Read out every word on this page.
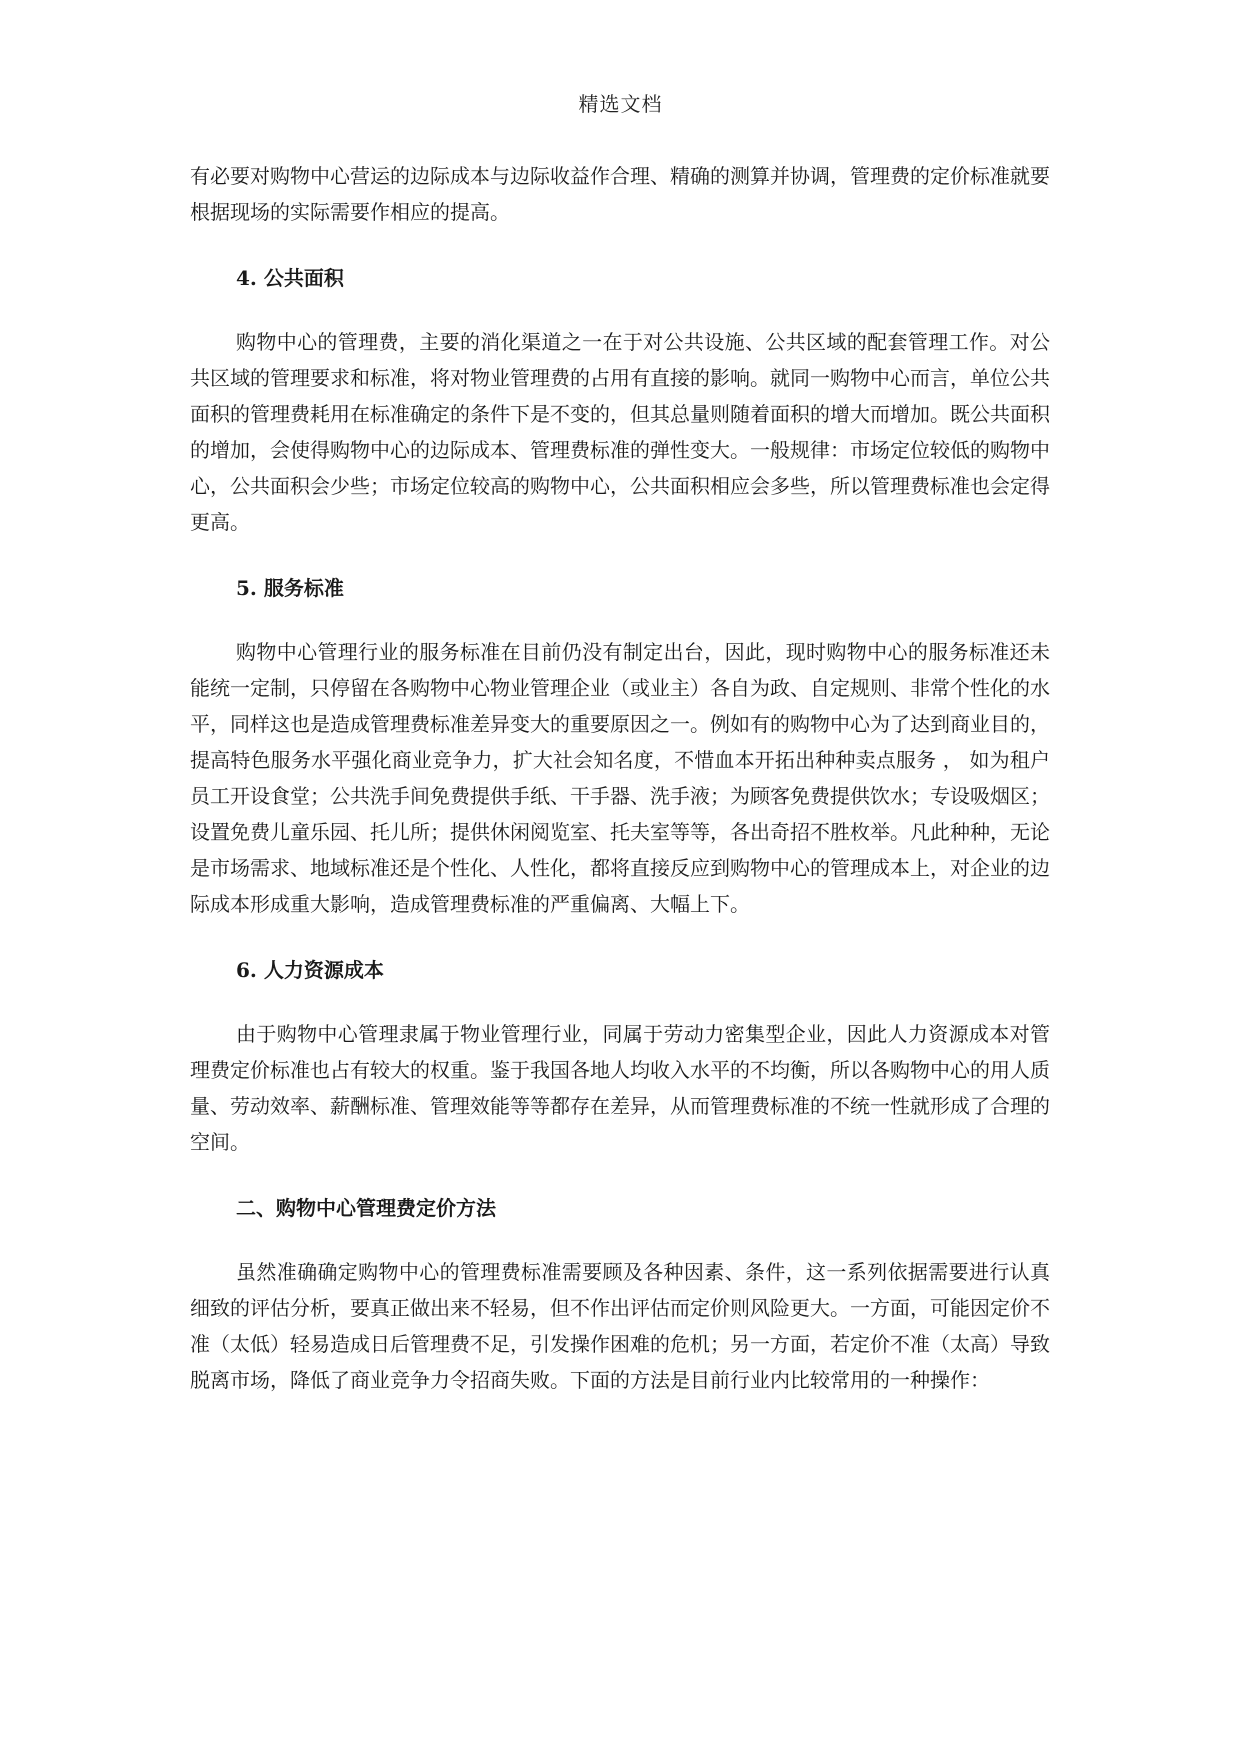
精选文档

有必要对购物中心营运的边际成本与边际收益作合理、精确的测算并协调，管理费的定价标准就要根据现场的实际需要作相应的提高。

4. 公共面积

购物中心的管理费，主要的消化渠道之一在于对公共设施、公共区域的配套管理工作。对公共区域的管理要求和标准，将对物业管理费的占用有直接的影响。就同一购物中心而言，单位公共面积的管理费耗用在标准确定的条件下是不变的，但其总量则随着面积的增大而增加。既公共面积的增加，会使得购物中心的边际成本、管理费标准的弹性变大。一般规律：市场定位较低的购物中心，公共面积会少些；市场定位较高的购物中心，公共面积相应会多些，所以管理费标准也会定得更高。

5. 服务标准

购物中心管理行业的服务标准在目前仍没有制定出台，因此，现时购物中心的服务标准还未能统一定制，只停留在各购物中心物业管理企业（或业主）各自为政、自定规则、非常个性化的水平，同样这也是造成管理费标准差异变大的重要原因之一。例如有的购物中心为了达到商业目的，提高特色服务水平强化商业竞争力，扩大社会知名度，不惜血本开拓出种种卖点服务 ， 如为租户员工开设食堂；公共洗手间免费提供手纸、干手器、洗手液；为顾客免费提供饮水；专设吸烟区；设置免费儿童乐园、托儿所；提供休闲阅览室、托夫室等等，各出奇招不胜枚举。凡此种种，无论是市场需求、地域标准还是个性化、人性化，都将直接反应到购物中心的管理成本上，对企业的边际成本形成重大影响，造成管理费标准的严重偏离、大幅上下。

6. 人力资源成本

由于购物中心管理隶属于物业管理行业，同属于劳动力密集型企业，因此人力资源成本对管理费定价标准也占有较大的权重。鉴于我国各地人均收入水平的不均衡，所以各购物中心的用人质量、劳动效率、薪酬标准、管理效能等等都存在差异，从而管理费标准的不统一性就形成了合理的空间。

二、购物中心管理费定价方法

虽然准确确定购物中心的管理费标准需要顾及各种因素、条件，这一系列依据需要进行认真细致的评估分析，要真正做出来不轻易，但不作出评估而定价则风险更大。一方面，可能因定价不准（太低）轻易造成日后管理费不足，引发操作困难的危机；另一方面，若定价不准（太高）导致脱离市场，降低了商业竞争力令招商失败。下面的方法是目前行业内比较常用的一种操作：
